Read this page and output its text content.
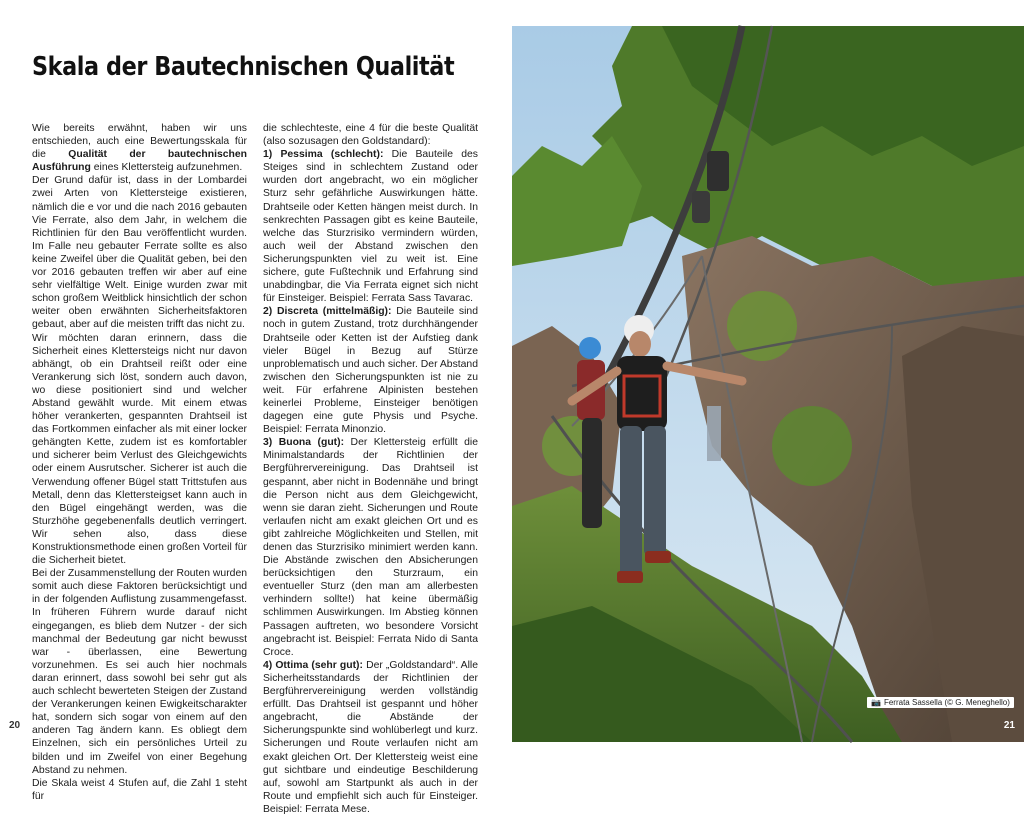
Skala der Bautechnischen Qualität

Wie bereits erwähnt, haben wir uns entschieden, auch eine Bewertungsskala für die Qualität der bautechnischen Ausführung eines Klettersteig aufzunehmen.

Der Grund dafür ist, dass in der Lombardei zwei Arten von Klettersteige existieren, nämlich die e vor und die nach 2016 gebauten Vie Ferrate, also dem Jahr, in welchem die Richtlinien für den Bau veröffentlicht wurden. Im Falle neu gebauter Ferrate sollte es also keine Zweifel über die Qualität geben, bei den vor 2016 gebauten treffen wir aber auf eine sehr vielfältige Welt. Einige wurden zwar mit schon großem Weitblick hinsichtlich der schon weiter oben erwähnten Sicherheitsfaktoren gebaut, aber auf die meisten trifft das nicht zu.

Wir möchten daran erinnern, dass die Sicherheit eines Klettersteigs nicht nur davon abhängt, ob ein Drahtseil reißt oder eine Verankerung sich löst, sondern auch davon, wo diese positioniert sind und welcher Abstand gewählt wurde. Mit einem etwas höher verankerten, gespannten Drahtseil ist das Fortkommen einfacher als mit einer locker gehängten Kette, zudem ist es komfortabler und sicherer beim Verlust des Gleichgewichts oder einem Ausrutscher. Sicherer ist auch die Verwendung offener Bügel statt Trittstufen aus Metall, denn das Klettersteigset kann auch in den Bügel eingehängt werden, was die Sturzhöhe gegebenenfalls deutlich verringert. Wir sehen also, dass diese Konstruktionsmethode einen großen Vorteil für die Sicherheit bietet.

Bei der Zusammenstellung der Routen wurden somit auch diese Faktoren berücksichtigt und in der folgenden Auflistung zusammengefasst. In früheren Führern wurde darauf nicht eingegangen, es blieb dem Nutzer - der sich manchmal der Bedeutung gar nicht bewusst war - überlassen, eine Bewertung vorzunehmen. Es sei auch hier nochmals daran erinnert, dass sowohl bei sehr gut als auch schlecht bewerteten Steigen der Zustand der Verankerungen keinen Ewigkeitscharakter hat, sondern sich sogar von einem auf den anderen Tag ändern kann. Es obliegt dem Einzelnen, sich ein persönliches Urteil zu bilden und im Zweifel von einer Begehung Abstand zu nehmen.

Die Skala weist 4 Stufen auf, die Zahl 1 steht für

die schlechteste, eine 4 für die beste Qualität (also sozusagen den Goldstandard):

1) Pessima (schlecht): Die Bauteile des Steiges sind in schlechtem Zustand oder wurden dort angebracht, wo ein möglicher Sturz sehr gefährliche Auswirkungen hätte. Drahtseile oder Ketten hängen meist durch. In senkrechten Passagen gibt es keine Bauteile, welche das Sturzrisiko vermindern würden, auch weil der Abstand zwischen den Sicherungspunkten viel zu weit ist. Eine sichere, gute Fußtechnik und Erfahrung sind unabdingbar, die Via Ferrata eignet sich nicht für Einsteiger. Beispiel: Ferrata Sass Tavarac.

2) Discreta (mittelmäßig): Die Bauteile sind noch in gutem Zustand, trotz durchhängender Drahtseile oder Ketten ist der Aufstieg dank vieler Bügel in Bezug auf Stürze unproblematisch und auch sicher. Der Abstand zwischen den Sicherungspunkten ist nie zu weit. Für erfahrene Alpinisten bestehen keinerlei Probleme, Einsteiger benötigen dagegen eine gute Physis und Psyche. Beispiel: Ferrata Minonzio.

3) Buona (gut): Der Klettersteig erfüllt die Minimalstandards der Richtlinien der Bergführervereinigung. Das Drahtseil ist gespannt, aber nicht in Bodennähe und bringt die Person nicht aus dem Gleichgewicht, wenn sie daran zieht. Sicherungen und Route verlaufen nicht am exakt gleichen Ort und es gibt zahlreiche Möglichkeiten und Stellen, mit denen das Sturzrisiko minimiert werden kann. Die Abstände zwischen den Absicherungen berücksichtigen den Sturzraum, ein eventueller Sturz (den man am allerbesten verhindern sollte!) hat keine übermäßig schlimmen Auswirkungen. Im Abstieg können Passagen auftreten, wo besondere Vorsicht angebracht ist. Beispiel: Ferrata Nido di Santa Croce.

4) Ottima (sehr gut): Der „Goldstandard“. Alle Sicherheitsstandards der Richtlinien der Bergführervereinigung werden vollständig erfüllt. Das Drahtseil ist gespannt und höher angebracht, die Abstände der Sicherungspunkte sind wohlüberlegt und kurz. Sicherungen und Route verlaufen nicht am exakt gleichen Ort. Der Klettersteig weist eine gut sichtbare und eindeutige Beschilderung auf, sowohl am Startpunkt als auch in der Route und empfiehlt sich auch für Einsteiger. Beispiel: Ferrata Mese.

20
📷 Ferrata Sassella (© G. Meneghello)
21
